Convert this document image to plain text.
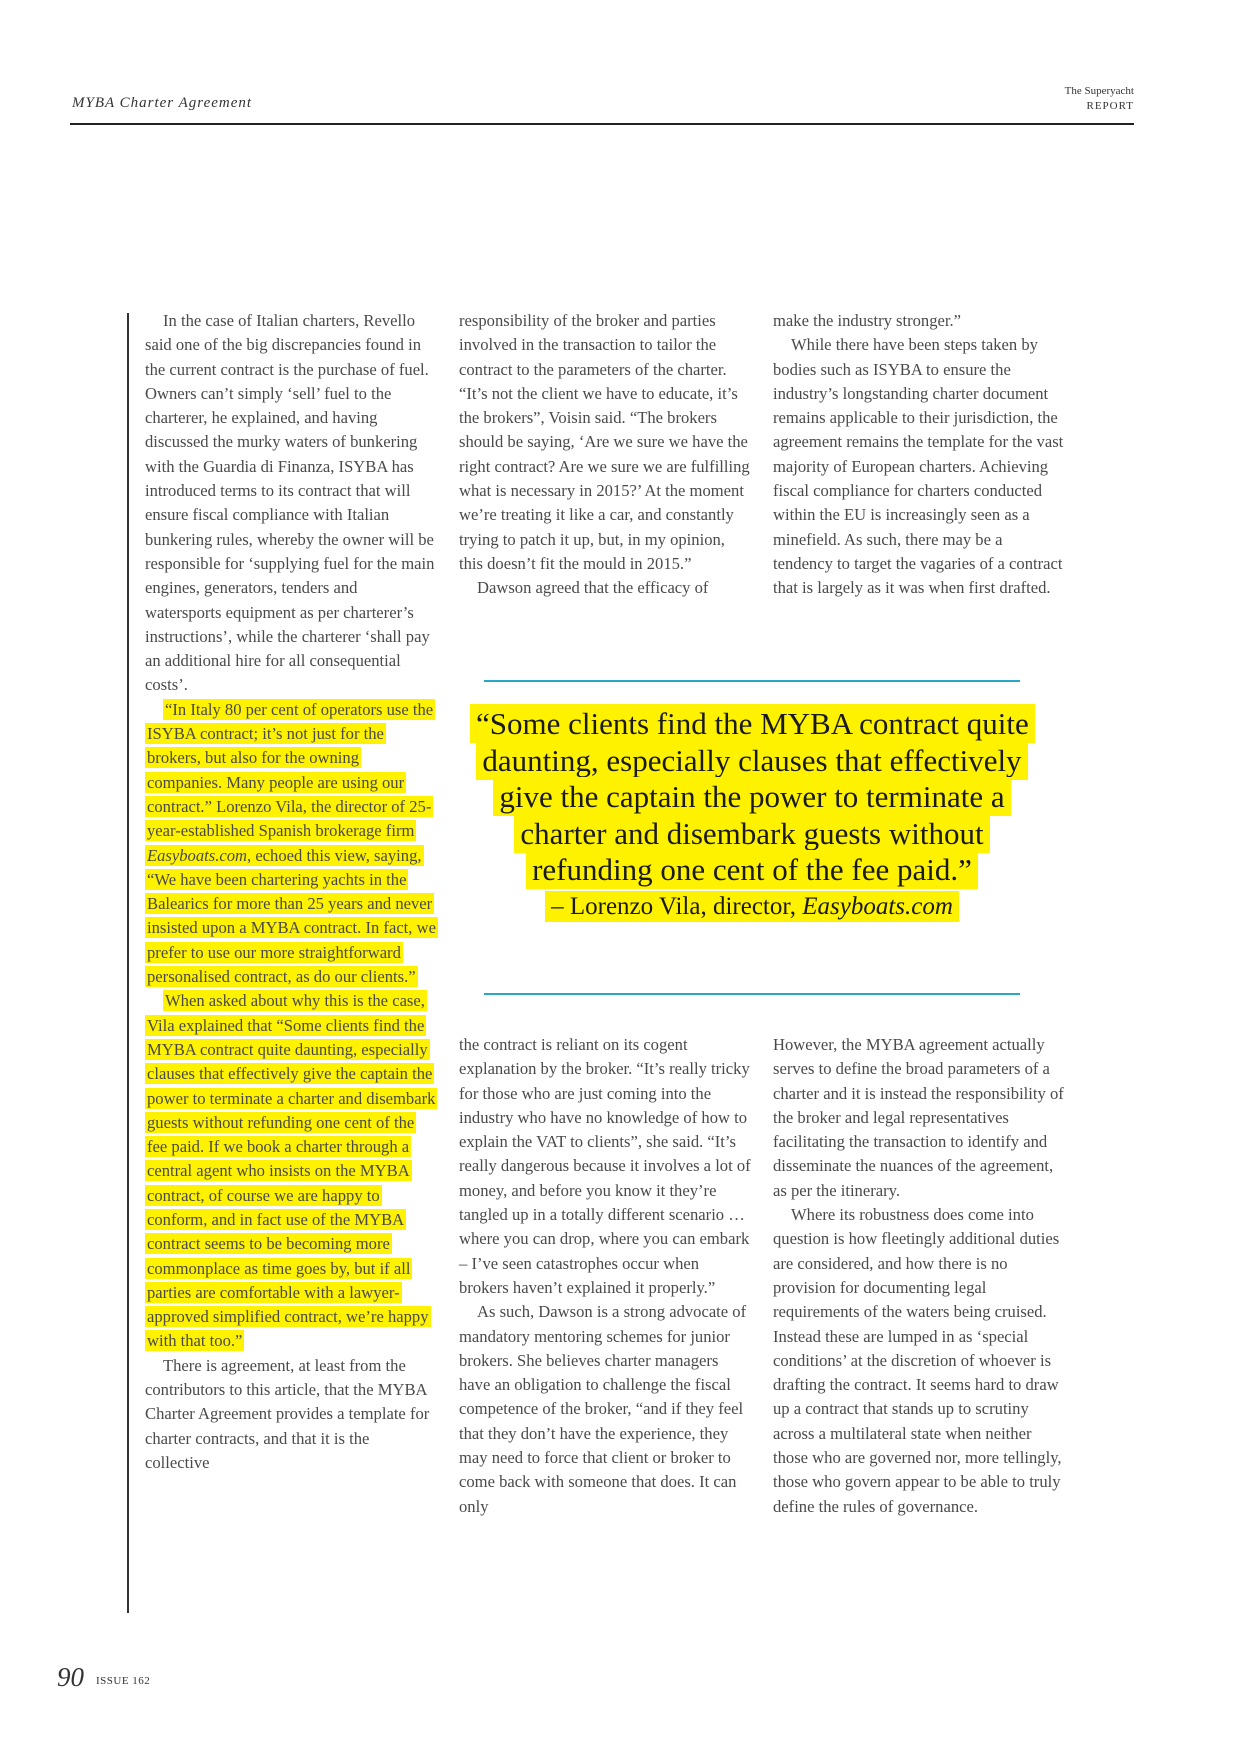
MYBA Charter Agreement
The Superyacht
REPORT

In the case of Italian charters, Revello said one of the big discrepancies found in the current contract is the purchase of fuel. Owners can’t simply ‘sell’ fuel to the charterer, he explained, and having discussed the murky waters of bunkering with the Guardia di Finanza, ISYBA has introduced terms to its contract that will ensure fiscal compliance with Italian bunkering rules, whereby the owner will be responsible for ‘supplying fuel for the main engines, generators, tenders and watersports equipment as per charterer’s instructions’, while the charterer ‘shall pay an additional hire for all consequential costs’.

“In Italy 80 per cent of operators use the ISYBA contract; it’s not just for the brokers, but also for the owning companies. Many people are using our contract.” Lorenzo Vila, the director of 25-year-established Spanish brokerage firm Easyboats.com, echoed this view, saying, “We have been chartering yachts in the Balearics for more than 25 years and never insisted upon a MYBA contract. In fact, we prefer to use our more straightforward personalised contract, as do our clients.”

When asked about why this is the case, Vila explained that “Some clients find the MYBA contract quite daunting, especially clauses that effectively give the captain the power to terminate a charter and disembark guests without refunding one cent of the fee paid. If we book a charter through a central agent who insists on the MYBA contract, of course we are happy to conform, and in fact use of the MYBA contract seems to be becoming more commonplace as time goes by, but if all parties are comfortable with a lawyer-approved simplified contract, we’re happy with that too.”

There is agreement, at least from the contributors to this article, that the MYBA Charter Agreement provides a template for charter contracts, and that it is the collective

responsibility of the broker and parties involved in the transaction to tailor the contract to the parameters of the charter. “It’s not the client we have to educate, it’s the brokers”, Voisin said. “The brokers should be saying, ‘Are we sure we have the right contract? Are we sure we are fulfilling what is necessary in 2015?’ At the moment we’re treating it like a car, and constantly trying to patch it up, but, in my opinion, this doesn’t fit the mould in 2015.”

Dawson agreed that the efficacy of

make the industry stronger.”

While there have been steps taken by bodies such as ISYBA to ensure the industry’s longstanding charter document remains applicable to their jurisdiction, the agreement remains the template for the vast majority of European charters. Achieving fiscal compliance for charters conducted within the EU is increasingly seen as a minefield. As such, there may be a tendency to target the vagaries of a contract that is largely as it was when first drafted.

“Some clients find the MYBA contract quite daunting, especially clauses that effectively give the captain the power to terminate a charter and disembark guests without refunding one cent of the fee paid.”
– Lorenzo Vila, director, Easyboats.com

the contract is reliant on its cogent explanation by the broker. “It’s really tricky for those who are just coming into the industry who have no knowledge of how to explain the VAT to clients”, she said. “It’s really dangerous because it involves a lot of money, and before you know it they’re tangled up in a totally different scenario … where you can drop, where you can embark – I’ve seen catastrophes occur when brokers haven’t explained it properly.”

As such, Dawson is a strong advocate of mandatory mentoring schemes for junior brokers. She believes charter managers have an obligation to challenge the fiscal competence of the broker, “and if they feel that they don’t have the experience, they may need to force that client or broker to come back with someone that does. It can only

However, the MYBA agreement actually serves to define the broad parameters of a charter and it is instead the responsibility of the broker and legal representatives facilitating the transaction to identify and disseminate the nuances of the agreement, as per the itinerary.

Where its robustness does come into question is how fleetingly additional duties are considered, and how there is no provision for documenting legal requirements of the waters being cruised. Instead these are lumped in as ‘special conditions’ at the discretion of whoever is drafting the contract. It seems hard to draw up a contract that stands up to scrutiny across a multilateral state when neither those who are governed nor, more tellingly, those who govern appear to be able to truly define the rules of governance.

90 ISSUE 162
